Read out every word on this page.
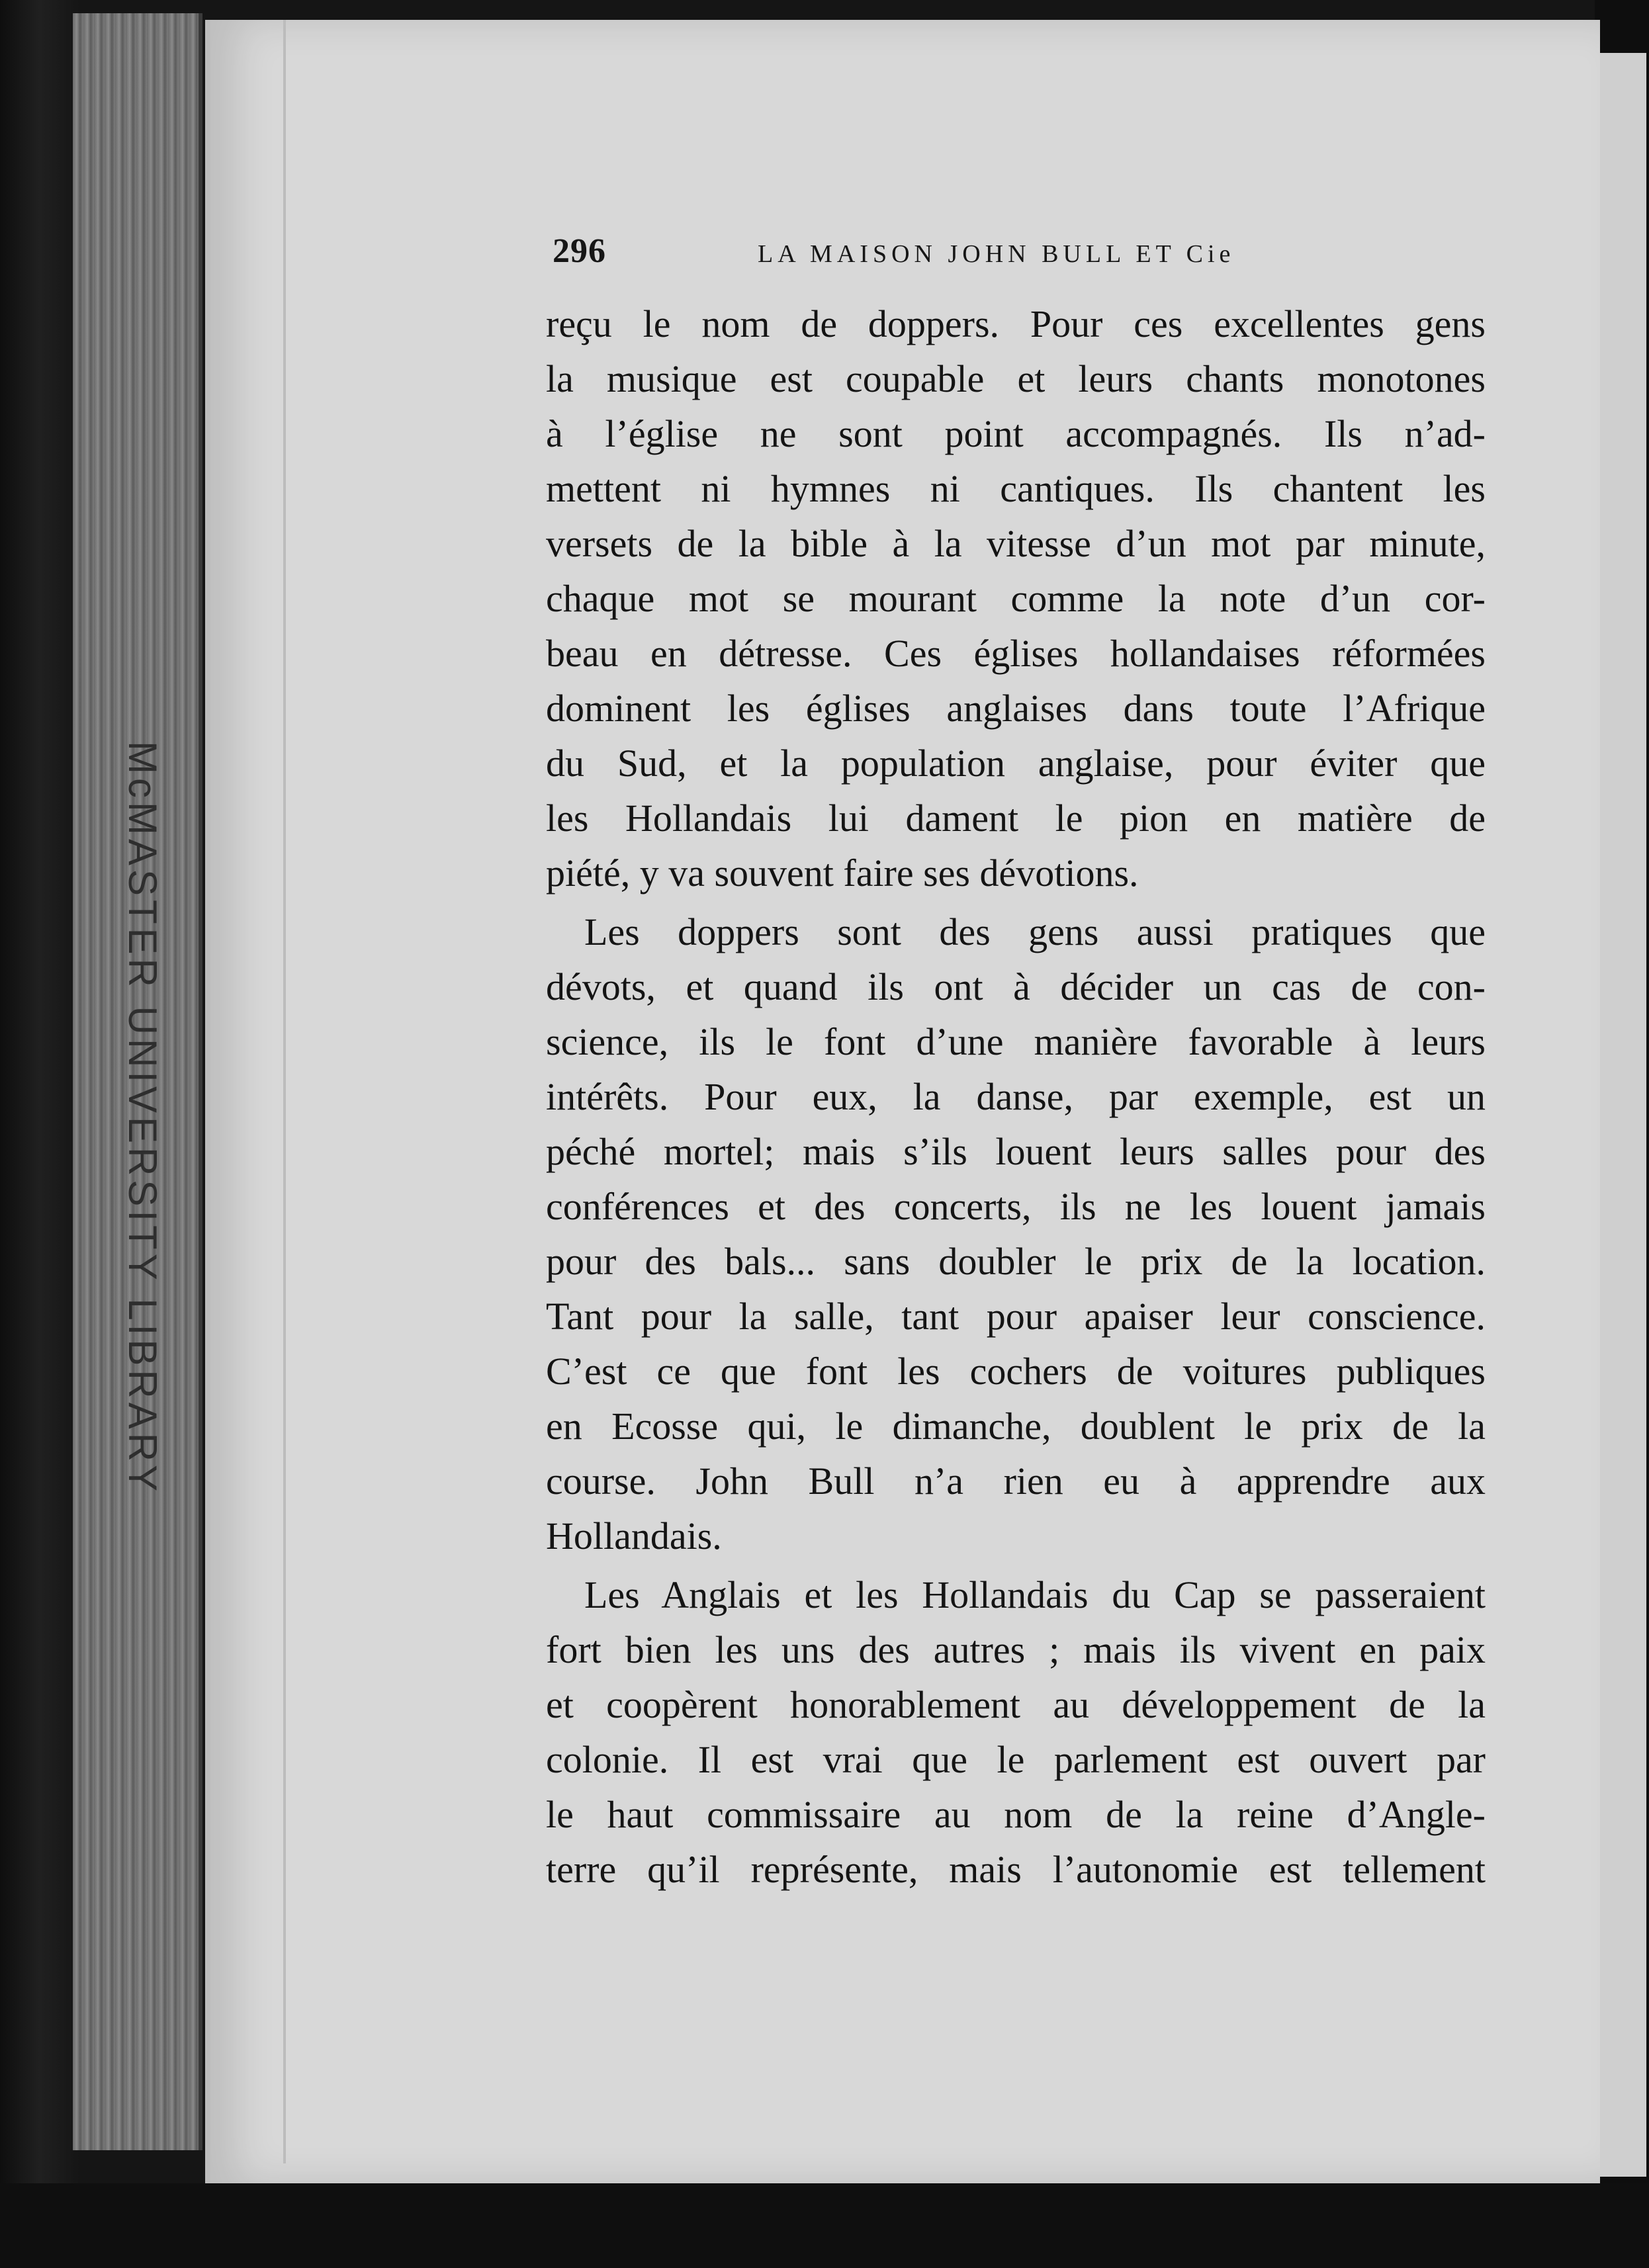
McMASTER UNIVERSITY LIBRARY
296	LA MAISON JOHN BULL ET Cie
reçu le nom de doppers. Pour ces excellentes gens
la musique est coupable et leurs chants monotones
à l’église ne sont point accompagnés. Ils n’ad-
mettent ni hymnes ni cantiques. Ils chantent les
versets de la bible à la vitesse d’un mot par minute,
chaque mot se mourant comme la note d’un cor-
beau en détresse. Ces églises hollandaises réformées
dominent les églises anglaises dans toute l’Afrique
du Sud, et la population anglaise, pour éviter que
les Hollandais lui dament le pion en matière de
piété, y va souvent faire ses dévotions.
Les doppers sont des gens aussi pratiques que
dévots, et quand ils ont à décider un cas de con-
science, ils le font d’une manière favorable à leurs
intérêts. Pour eux, la danse, par exemple, est un
péché mortel; mais s’ils louent leurs salles pour des
conférences et des concerts, ils ne les louent jamais
pour des bals... sans doubler le prix de la location.
Tant pour la salle, tant pour apaiser leur conscience.
C’est ce que font les cochers de voitures publiques
en Ecosse qui, le dimanche, doublent le prix de la
course. John Bull n’a rien eu à apprendre aux
Hollandais.
Les Anglais et les Hollandais du Cap se passeraient
fort bien les uns des autres ; mais ils vivent en paix
et coopèrent honorablement au développement de la
colonie. Il est vrai que le parlement est ouvert par
le haut commissaire au nom de la reine d’Angle-
terre qu’il représente, mais l’autonomie est tellement
